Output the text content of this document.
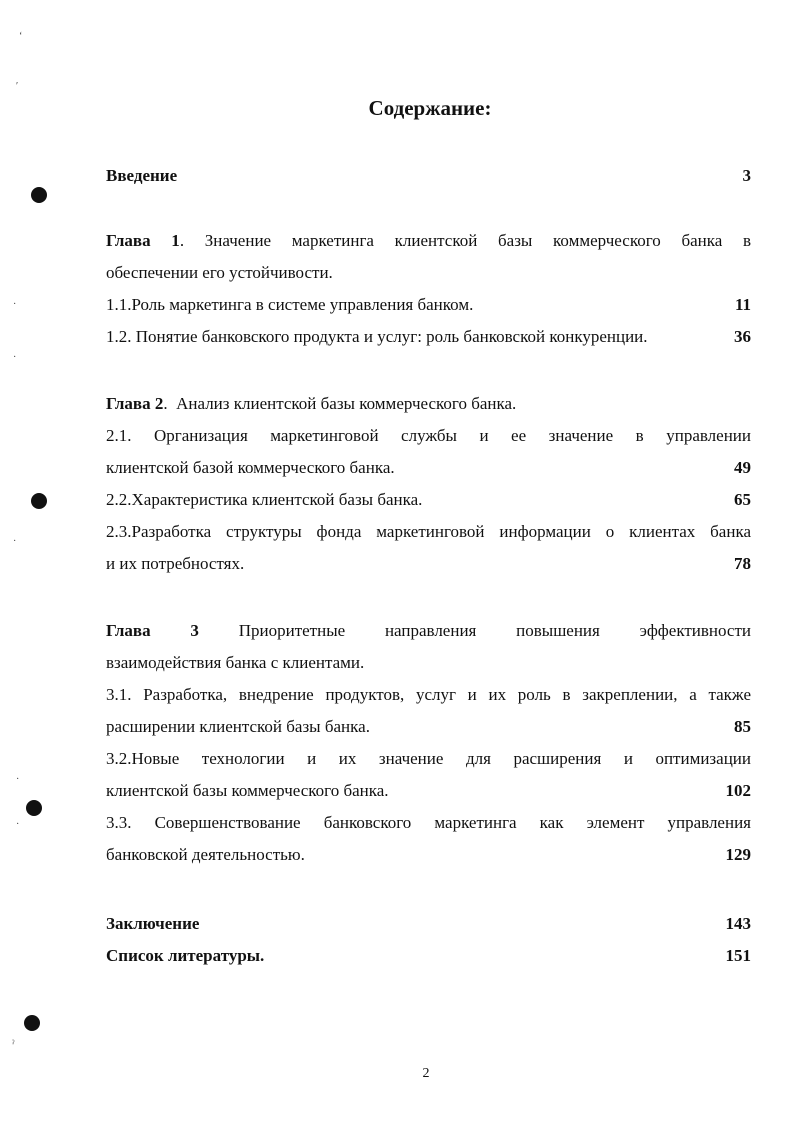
ʻ
ʹ
·
·
·
·
·
ˀ
Содержание:
Введение	3
Глава 1. Значение маркетинга клиентской базы коммерческого банка в
обеспечении его устойчивости.
1.1.Роль маркетинга в системе управления банком.	11
1.2. Понятие банковского продукта и услуг: роль банковской конкуренции.	36
Глава 2.  Анализ клиентской базы коммерческого банка.
2.1. Организация маркетинговой службы и ее значение в управлении
клиентской базой коммерческого банка.	49
2.2.Характеристика клиентской базы банка.	65
2.3.Разработка структуры фонда маркетинговой информации о клиентах банка
и их потребностях.	78
Глава 3 Приоритетные направления повышения эффективности
взаимодействия банка с клиентами.
3.1. Разработка, внедрение продуктов, услуг и их роль в закреплении, а также
расширении клиентской базы банка.	85
3.2.Новые технологии и их значение для расширения и оптимизации
клиентской базы коммерческого банка.	102
3.3. Совершенствование банковского маркетинга как элемент управления
банковской деятельностью.	129
Заключение	143
Список литературы.	151
2
